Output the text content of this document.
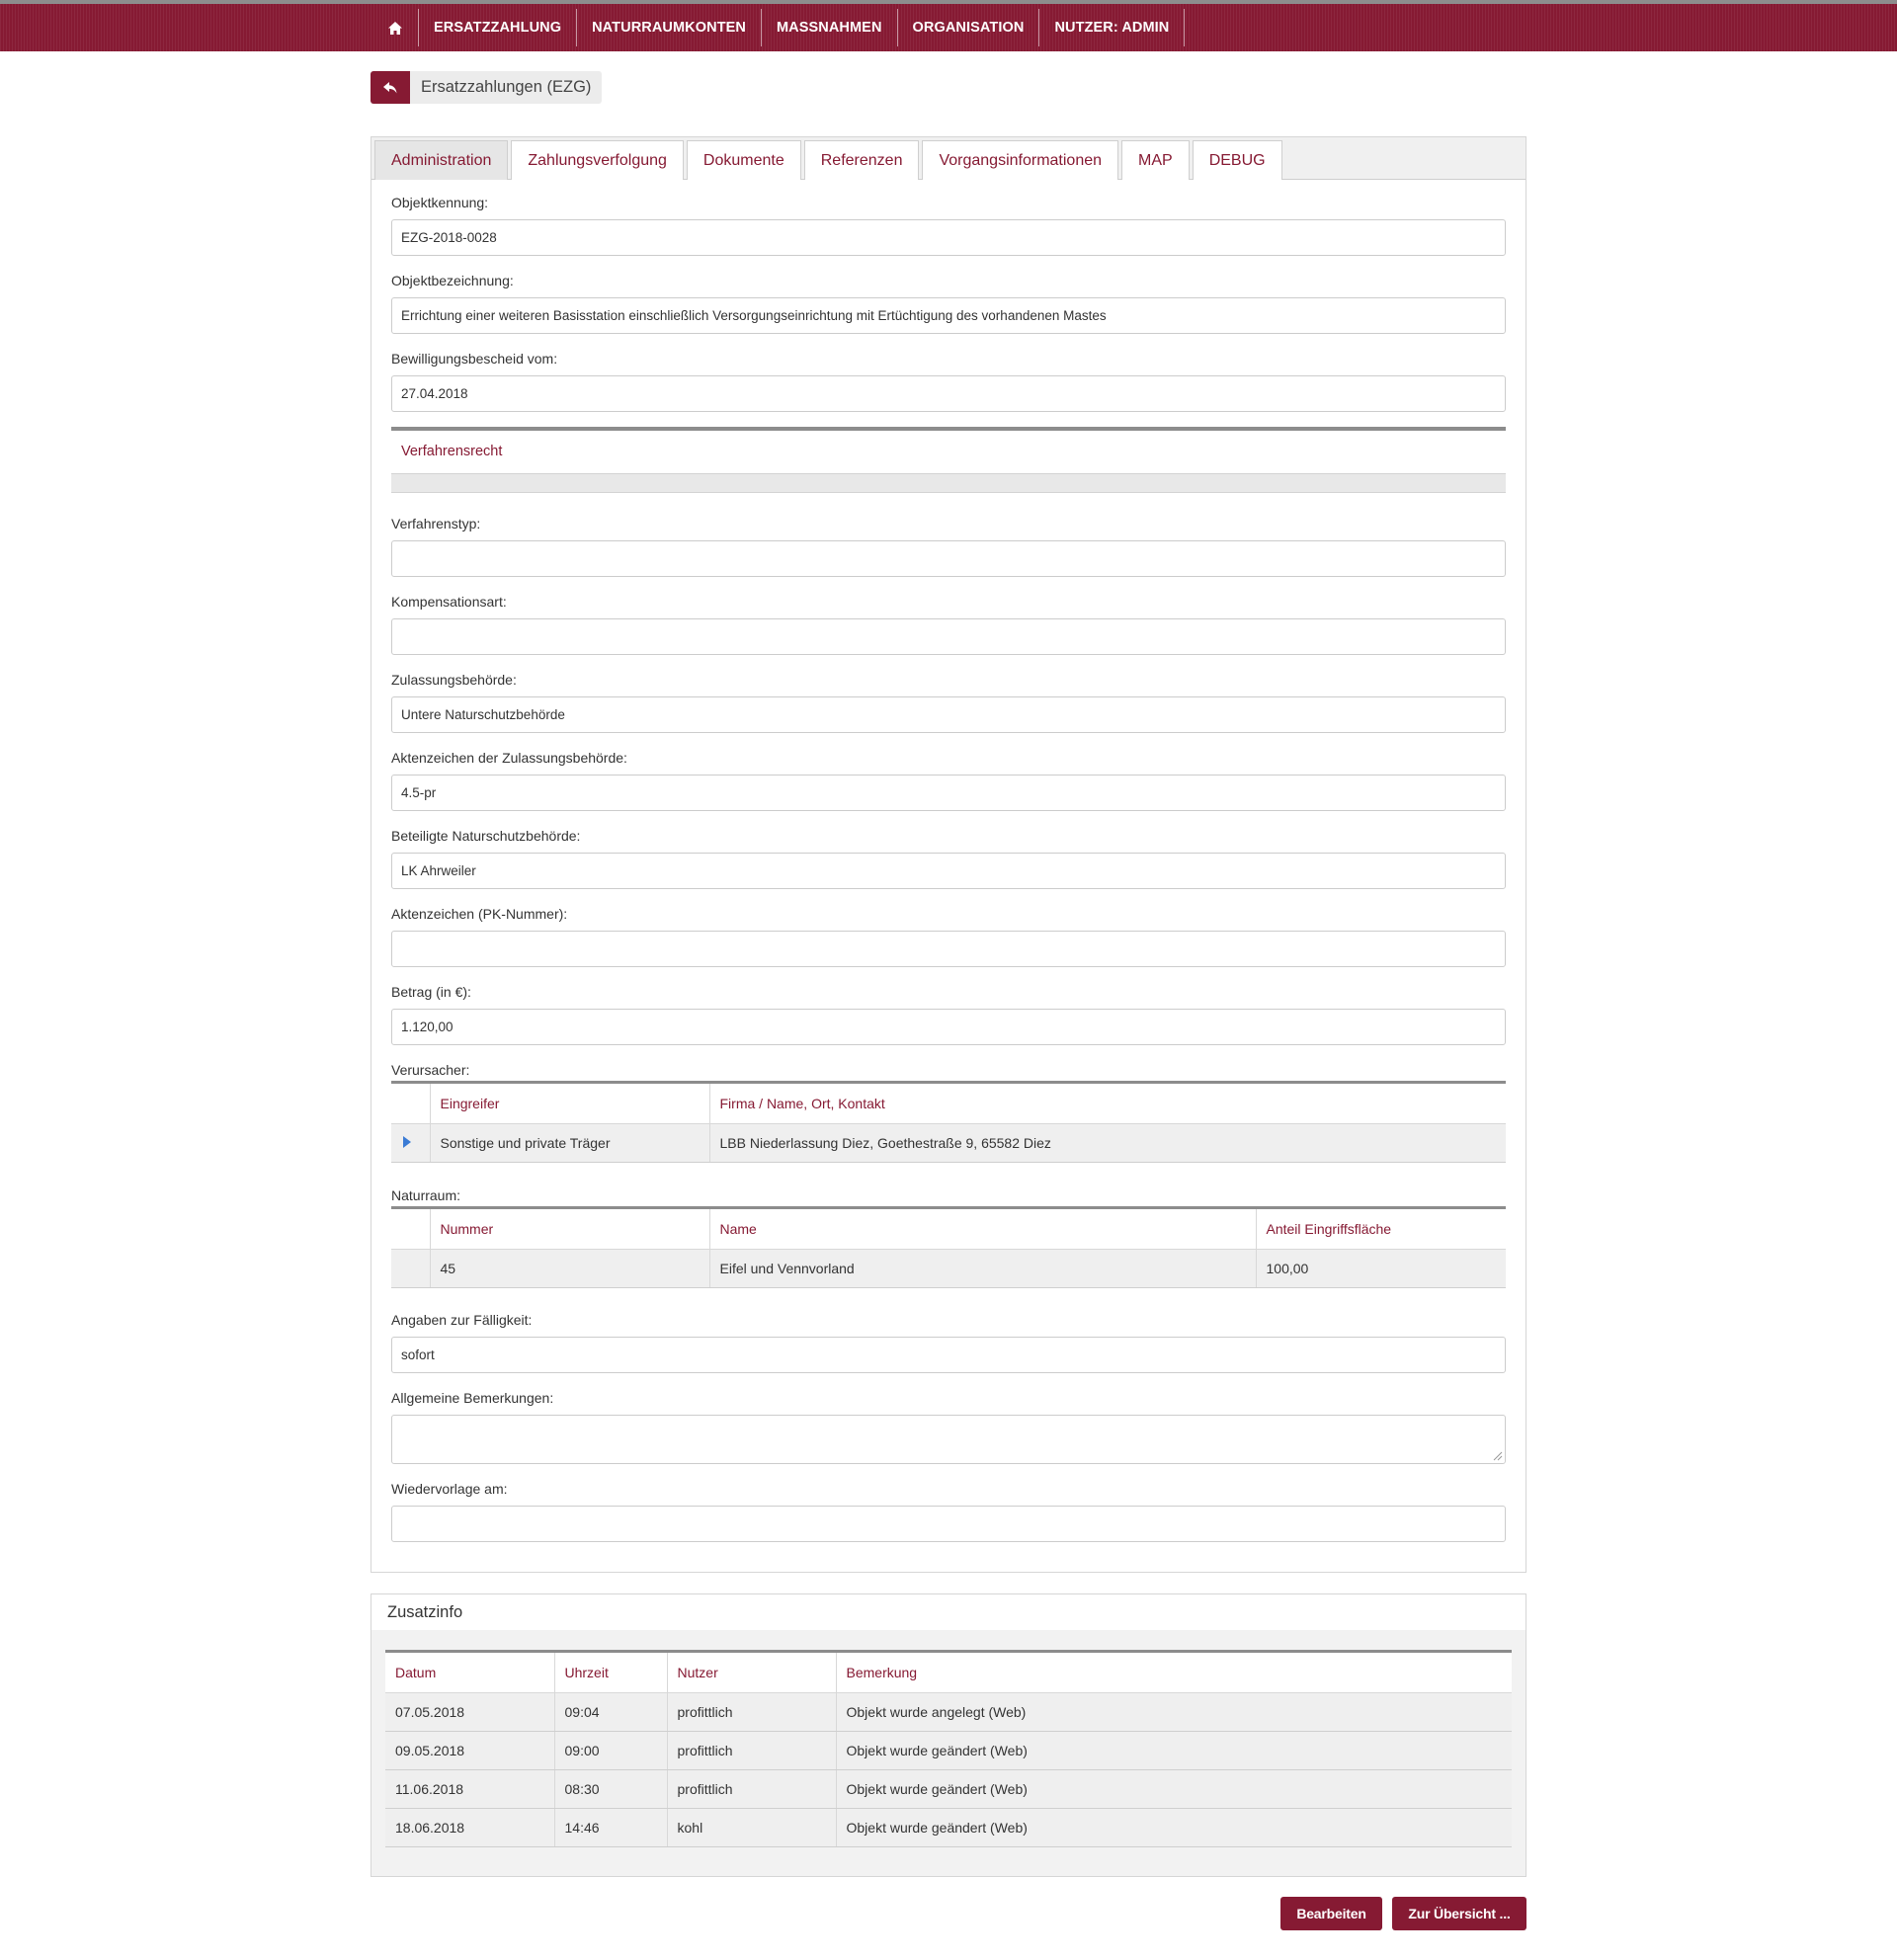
ERSATZZAHLUNG	NATURRAUMKONTEN	MASSNAHMEN	ORGANISATION	NUTZER: ADMIN
Ersatzzahlungen (EZG)
Administration	Zahlungsverfolgung	Dokumente	Referenzen	Vorgangsinformationen	MAP	DEBUG
Objektkennung:
EZG-2018-0028
Objektbezeichnung:
Errichtung einer weiteren Basisstation einschließlich Versorgungseinrichtung mit Ertüchtigung des vorhandenen Mastes
Bewilligungsbescheid vom:
27.04.2018
Verfahrensrecht
Verfahrenstyp:
Kompensationsart:
Zulassungsbehörde:
Untere Naturschutzbehörde
Aktenzeichen der Zulassungsbehörde:
4.5-pr
Beteiligte Naturschutzbehörde:
LK Ahrweiler
Aktenzeichen (PK-Nummer):
Betrag (in €):
1.120,00
Verursacher:
	Eingreifer	Firma / Name, Ort, Kontakt
	Sonstige und private Träger	LBB Niederlassung Diez, Goethestraße 9, 65582 Diez
Naturraum:
	Nummer	Name	Anteil Eingriffsfläche
	45	Eifel und Vennvorland	100,00
Angaben zur Fälligkeit:
sofort
Allgemeine Bemerkungen:
Wiedervorlage am:
Zusatzinfo
Datum	Uhrzeit	Nutzer	Bemerkung
07.05.2018	09:04	profittlich	Objekt wurde angelegt (Web)
09.05.2018	09:00	profittlich	Objekt wurde geändert (Web)
11.06.2018	08:30	profittlich	Objekt wurde geändert (Web)
18.06.2018	14:46	kohl	Objekt wurde geändert (Web)
Bearbeiten	Zur Übersicht ...
